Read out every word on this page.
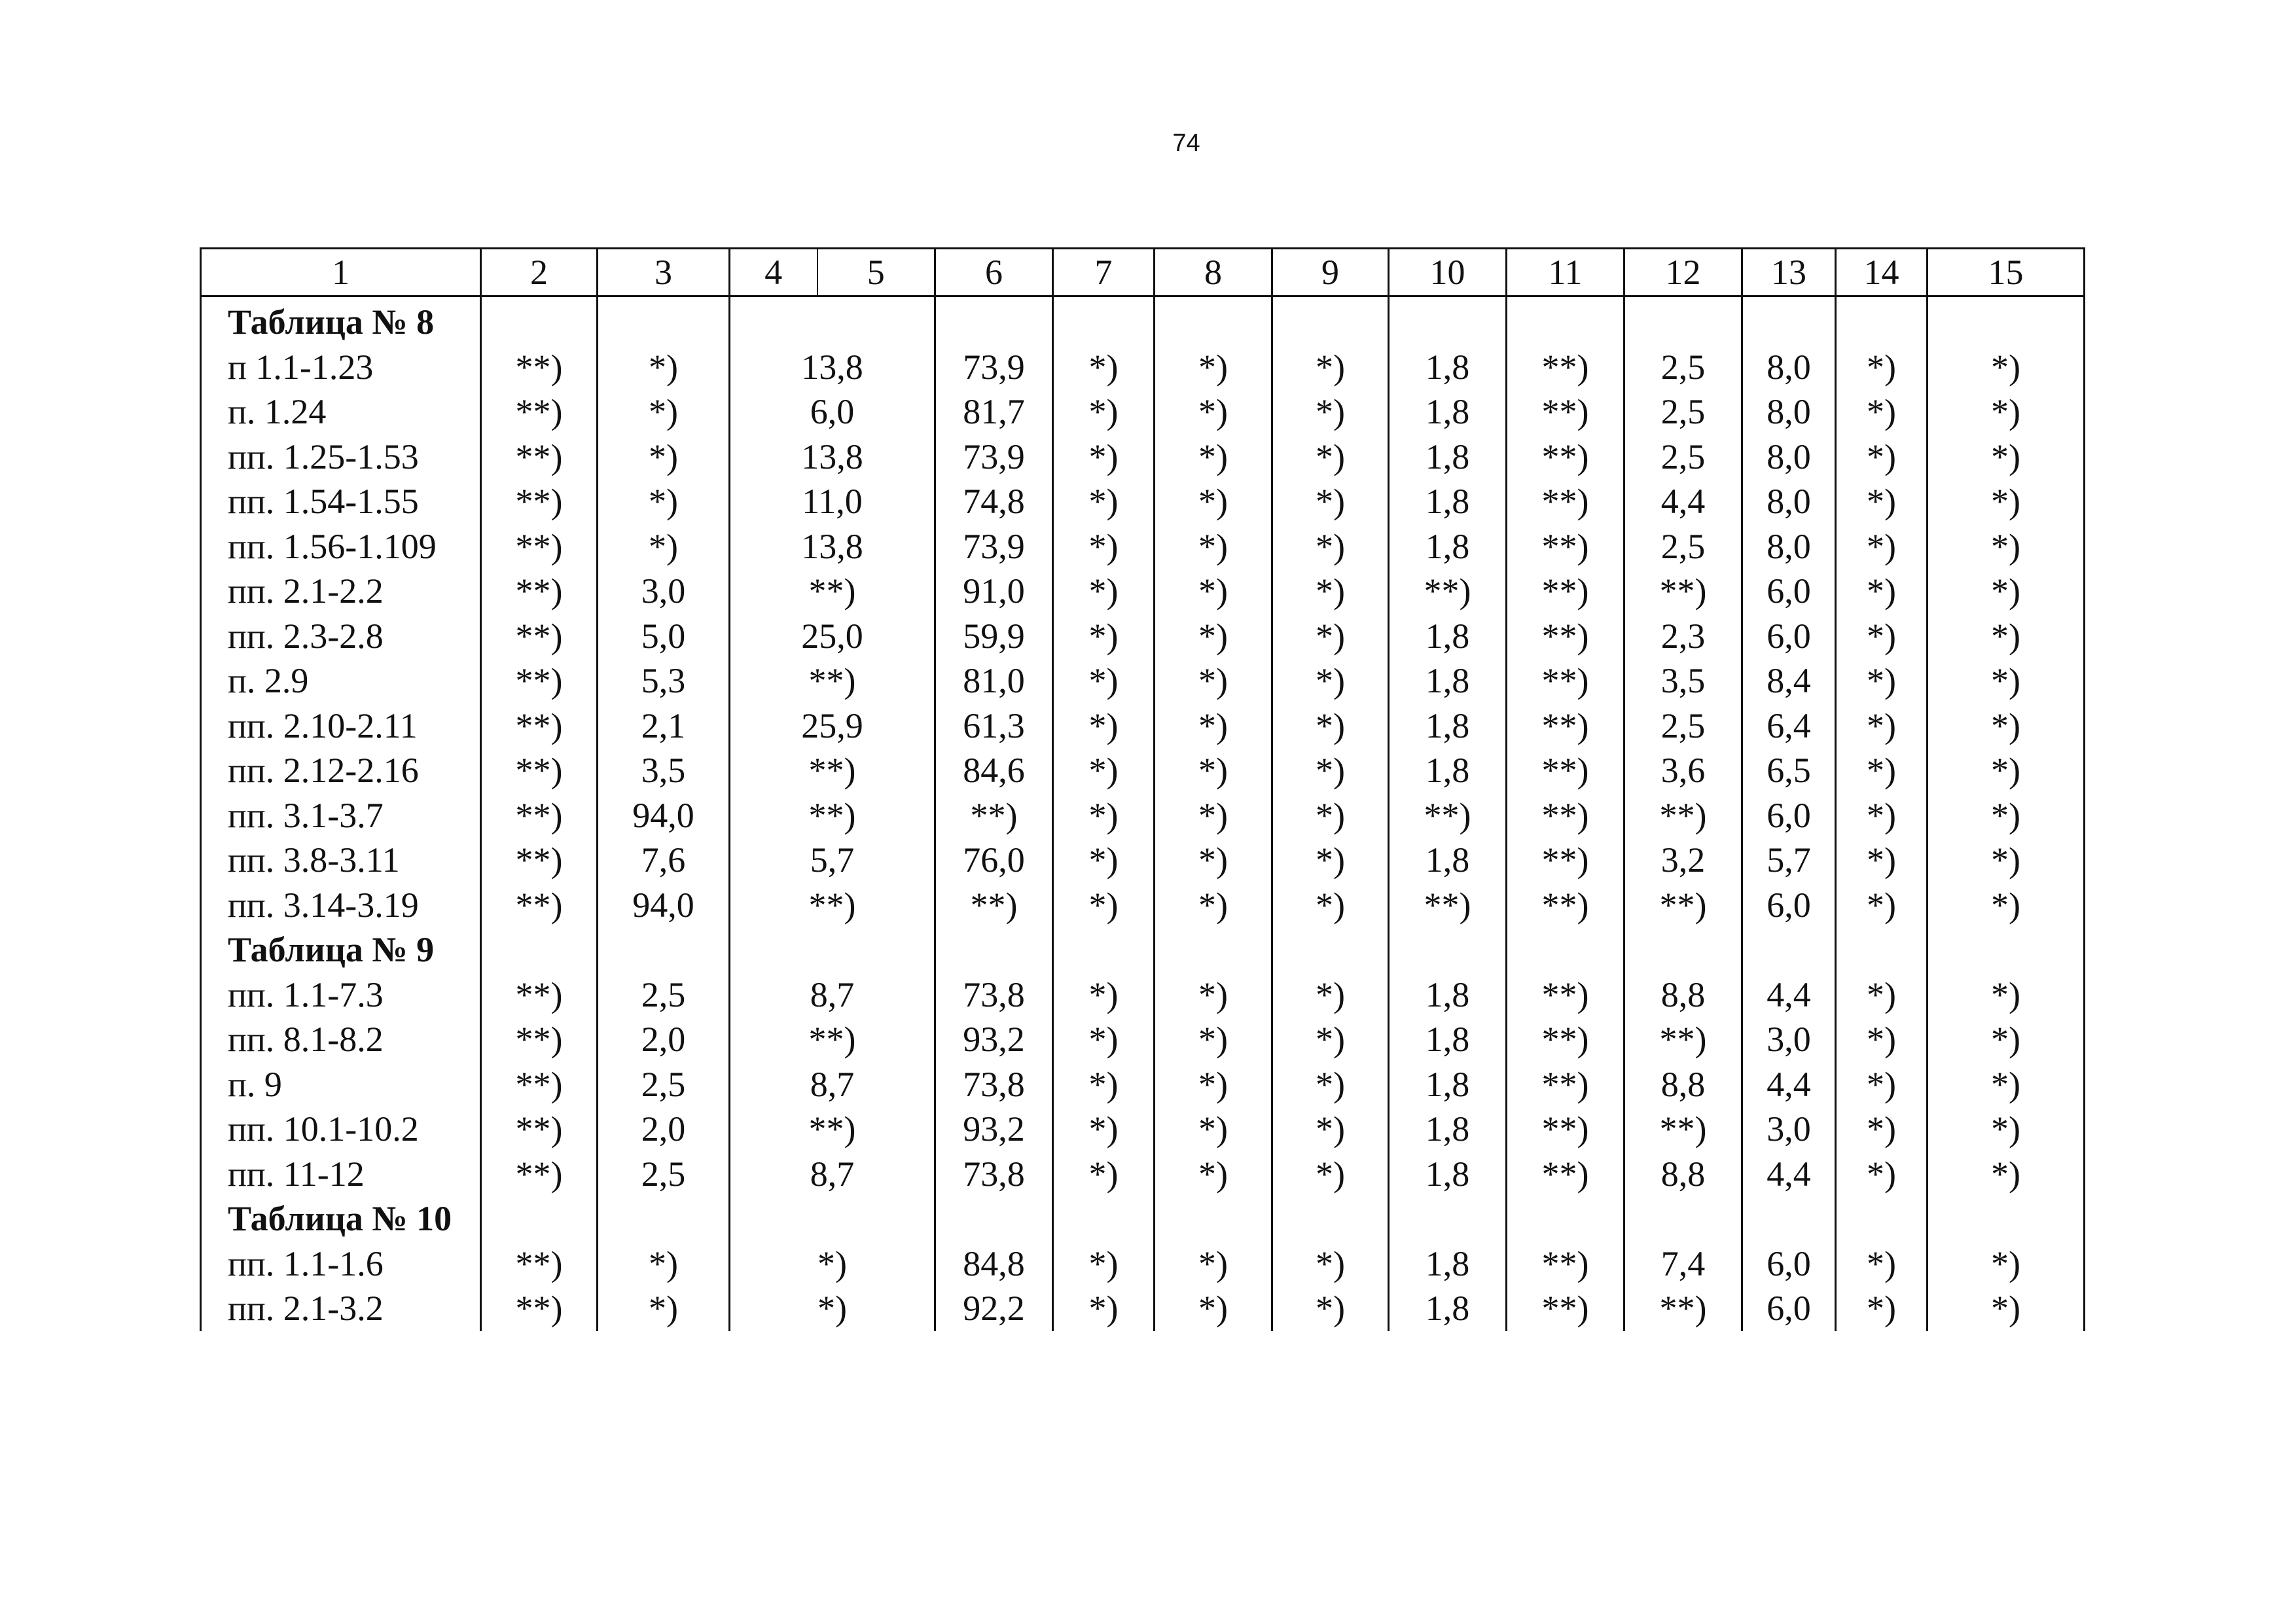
74
1	2	3	4	5	6	7	8	9	10	11	12	13	14	15
Таблица № 8														
п 1.1-1.23	**)	*)	13,8		73,9	*)	*)	*)	1,8	**)	2,5	8,0	*)	*)
п. 1.24	**)	*)	6,0		81,7	*)	*)	*)	1,8	**)	2,5	8,0	*)	*)
пп. 1.25-1.53	**)	*)	13,8		73,9	*)	*)	*)	1,8	**)	2,5	8,0	*)	*)
пп. 1.54-1.55	**)	*)	11,0		74,8	*)	*)	*)	1,8	**)	4,4	8,0	*)	*)
пп. 1.56-1.109	**)	*)	13,8		73,9	*)	*)	*)	1,8	**)	2,5	8,0	*)	*)
пп. 2.1-2.2	**)	3,0	**)		91,0	*)	*)	*)	**)	**)	**)	6,0	*)	*)
пп. 2.3-2.8	**)	5,0	25,0		59,9	*)	*)	*)	1,8	**)	2,3	6,0	*)	*)
п. 2.9	**)	5,3	**)		81,0	*)	*)	*)	1,8	**)	3,5	8,4	*)	*)
пп. 2.10-2.11	**)	2,1	25,9		61,3	*)	*)	*)	1,8	**)	2,5	6,4	*)	*)
пп. 2.12-2.16	**)	3,5	**)		84,6	*)	*)	*)	1,8	**)	3,6	6,5	*)	*)
пп. 3.1-3.7	**)	94,0	**)		**)	*)	*)	*)	**)	**)	**)	6,0	*)	*)
пп. 3.8-3.11	**)	7,6	5,7		76,0	*)	*)	*)	1,8	**)	3,2	5,7	*)	*)
пп. 3.14-3.19	**)	94,0	**)		**)	*)	*)	*)	**)	**)	**)	6,0	*)	*)
Таблица № 9														
пп. 1.1-7.3	**)	2,5	8,7		73,8	*)	*)	*)	1,8	**)	8,8	4,4	*)	*)
пп. 8.1-8.2	**)	2,0	**)		93,2	*)	*)	*)	1,8	**)	**)	3,0	*)	*)
п. 9	**)	2,5	8,7		73,8	*)	*)	*)	1,8	**)	8,8	4,4	*)	*)
пп. 10.1-10.2	**)	2,0	**)		93,2	*)	*)	*)	1,8	**)	**)	3,0	*)	*)
пп. 11-12	**)	2,5	8,7		73,8	*)	*)	*)	1,8	**)	8,8	4,4	*)	*)
Таблица № 10														
пп. 1.1-1.6	**)	*)	*)		84,8	*)	*)	*)	1,8	**)	7,4	6,0	*)	*)
пп. 2.1-3.2	**)	*)	*)		92,2	*)	*)	*)	1,8	**)	**)	6,0	*)	*)
